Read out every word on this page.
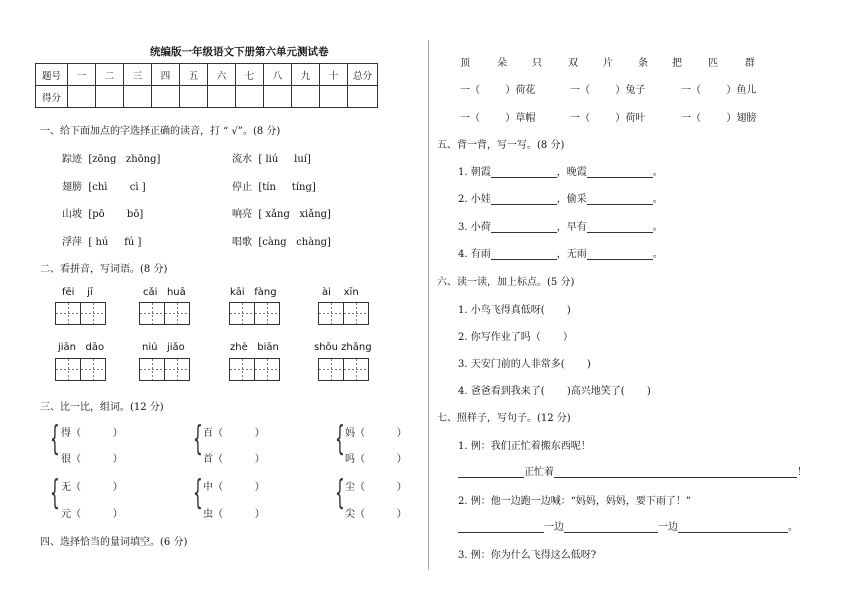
统编版一年级语文下册第六单元测试卷
题号	一	二	三	四	五	六	七	八	九	十	总分
得分											
一、给下面加点的字选择正确的读音，打 “ √”。(8 分)
踪迹 [zōng   zhōng]	流水 [ liú     luí]
翅膀 [chì       cì ]	停止 [tín     tíng]
山坡 [pō       bō]	响亮 [ xǎng   xiǎng]
浮萍 [ hú     fú ]	唱歌 [càng   chàng]
二、看拼音，写词语。(8 分)
fēi    jī	cǎi   huā	kāi   fàng	ài    xīn
jiān   dāo	niú   jiǎo	zhè   biān	shōu zhǎng
三、比一比，组词。(12 分)
{ 得（          ）
很（          ）
{ 百（          ）
首（          ）
{ 妈（          ）
吗（          ）
{ 无（          ）
元（          ）
{ 中（          ）
虫（          ）
{ 尘（          ）
尖（          ）
四、选择恰当的量词填空。(6 分)
顶	朵	只	双	片	条 把	匹	群
一（        ）荷花	一（        ）兔子	一（        ）鱼儿
一（        ）草帽	一（        ）荷叶	一（        ）翅膀
五、背一背，写一写。(8 分)
1. 朝霞	，晚霞	。
2. 小娃	，偷采	。
3. 小荷	，早有	。
4. 有雨	，无雨	。
六、读一读，加上标点。(5 分)
1. 小鸟飞得真低呀(       )
2. 你写作业了吗（       ）
3. 天安门前的人非常多(       )
4. 爸爸看到我来了(       )高兴地笑了(       )
七、照样子，写句子。(12 分)
1. 例：我们正忙着搬东西呢！
正忙着	！
2. 例：他一边跑一边喊：“妈妈，妈妈，要下雨了！”
一边	一边	。
3. 例：你为什么飞得这么低呀?
